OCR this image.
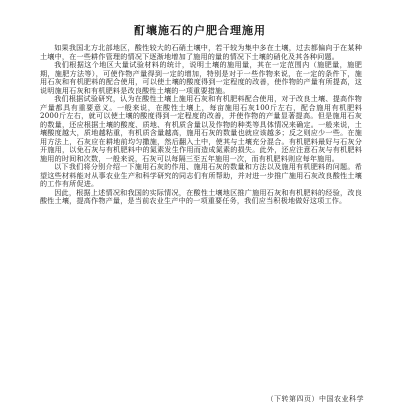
酊壤施石的户肥合理施用

如果我国北方北部地区，酸性较大的石硝土壤中，若干较为集中多在土壤，过去都偏向于在某种土壤中，在一些耕作管理的情况下逐渐地增加了施用的量的情况下土壤的硝化及其各种问题。

我们根据这个地区大量试验材料的统计，说明土壤的施用量，其在一定范围内（施肥量，施肥期，施肥方法等），可使作物产量得到一定的增加，特别是对于一些作物来说，在一定的条件下，施用石灰和有机肥料的配合使用，可以使土壤的酸度得到一定程度的改善，使作物的产量有所提高，这说明施用石灰和有机肥料是改良酸性土壤的一项重要措施。

我们根据试验研究，认为在酸性土壤上施用石灰和有机肥料配合使用，对于改良土壤、提高作物产量都具有重要意义。一般来说，在酸性土壤上，每亩施用石灰100斤左右，配合施用有机肥料2000斤左右，就可以使土壤的酸度得到一定程度的改善，并使作物的产量显著提高。但是施用石灰的数量，还应根据土壤的酸度、质地、有机质含量以及作物的种类等具体情况来确定。一般来说，土壤酸度越大，质地越粘重，有机质含量越高，施用石灰的数量也就应该越多；反之则应少一些。在施用方法上，石灰应在耕地前均匀撒施，然后翻入土中，使其与土壤充分混合。有机肥料最好与石灰分开施用，以免石灰与有机肥料中的氮素发生作用而造成氮素的损失。此外，还应注意石灰与有机肥料施用的时间和次数，一般来说，石灰可以每隔三至五年施用一次，而有机肥料则应每年施用。

以下我们将分别介绍一下施用石灰的作用、施用石灰的数量和方法以及施用有机肥料的问题。希望这些材料能对从事农业生产和科学研究的同志们有所帮助，并对进一步推广施用石灰改良酸性土壤的工作有所促进。

因此，根据上述情况和我国的实际情况，在酸性土壤地区推广施用石灰和有机肥料的经验，改良酸性土壤，提高作物产量，是当前农业生产中的一项重要任务，我们应当积极地做好这项工作。

（下转第四页）中国农业科学
